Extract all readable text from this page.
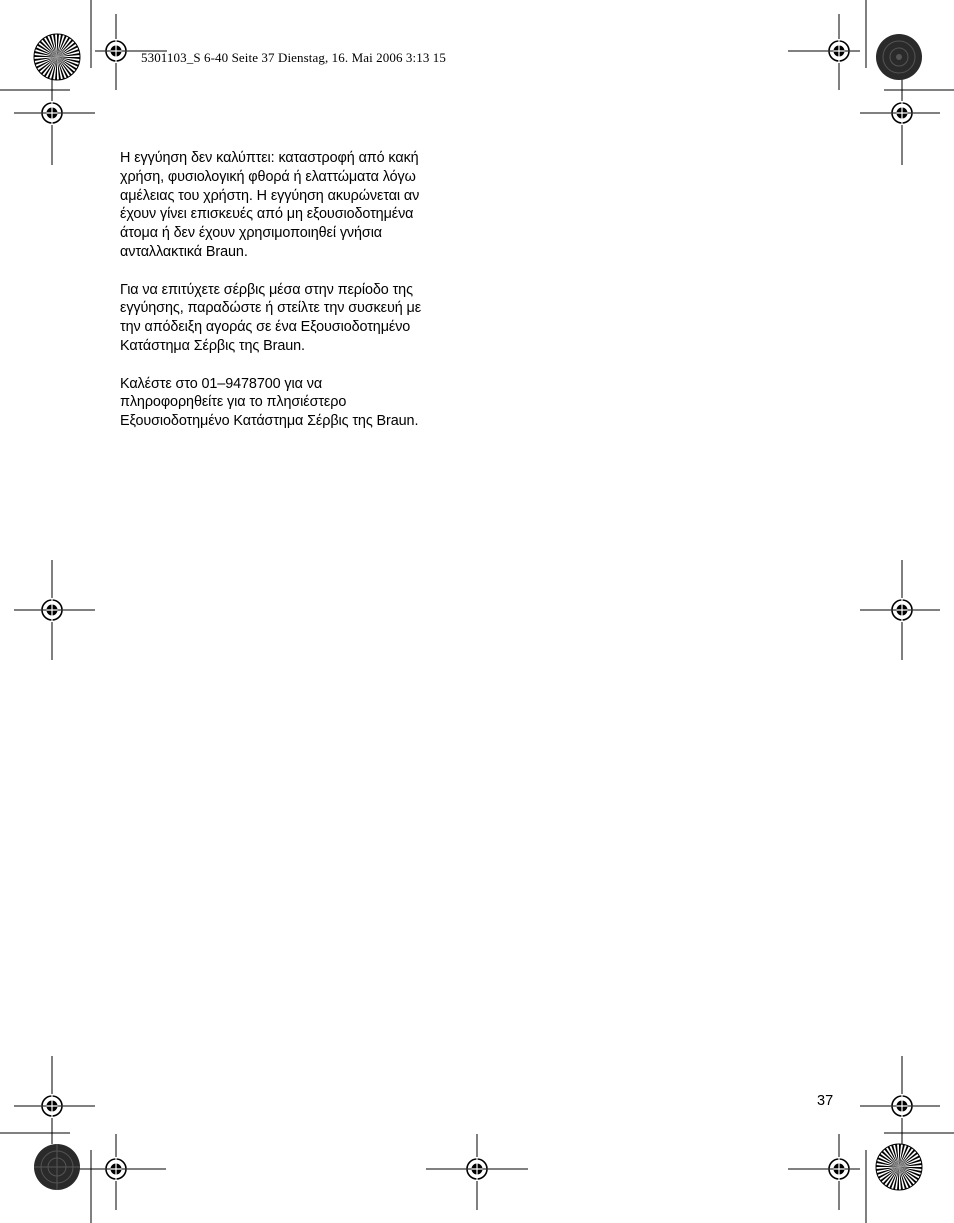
5301103_S 6-40 Seite 37 Dienstag, 16. Mai 2006 3:13 15

Η εγγύηση δεν καλύπτει: καταστροφή από κακή
χρήση, φυσιολογική φθορά ή ελαττώματα λόγω
αμέλειας του χρήστη. Η εγγύηση ακυρώνεται αν
έχουν γίνει επισκευές από μη εξουσιοδοτημένα
άτομα ή δεν έχουν χρησιμοποιηθεί γνήσια
ανταλλακτικά Braun.

Για να επιτύχετε σέρβις μέσα στην περίοδο της
εγγύησης, παραδώστε ή στείλτε την συσκευή με
την απόδειξη αγοράς σε ένα Εξουσιοδοτημένο
Κατάστημα Σέρβις της Braun.

Καλέστε στο 01–9478700 για να
πληροφορηθείτε για το πλησιέστερο
Εξουσιοδοτημένο Κατάστημα Σέρβις της Braun.

37
